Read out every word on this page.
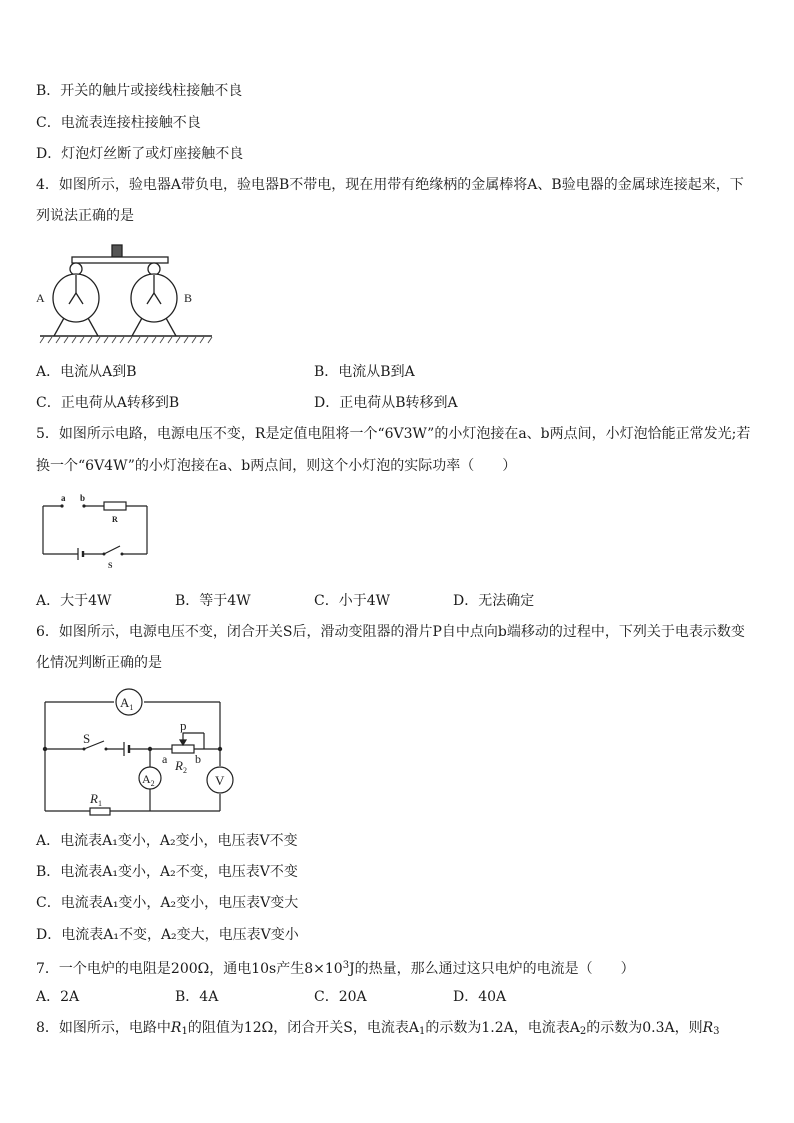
B．开关的触片或接线柱接触不良
C．电流表连接柱接触不良
D．灯泡灯丝断了或灯座接触不良
4．如图所示，验电器A带负电，验电器B不带电，现在用带有绝缘柄的金属棒将A、B验电器的金属球连接起来，下
列说法正确的是
A	B
A．电流从A到B	B．电流从B到A
C．正电荷从A转移到B	D．正电荷从B转移到A
5．如图所示电路，电源电压不变，R是定值电阻将一个“6V3W”的小灯泡接在a、b两点间，小灯泡恰能正常发光;若
换一个“6V4W”的小灯泡接在a、b两点间，则这个小灯泡的实际功率（　　）
a b
R
S
A．大于4W	B．等于4W	C．小于4W	D．无法确定
6．如图所示，电源电压不变，闭合开关S后，滑动变阻器的滑片P自中点向b端移动的过程中，下列关于电表示数变
化情况判断正确的是
$A_1$
$A_2$	V
S
p
a b
$R_2$
$R_1$
A．电流表A₁变小，A₂变小，电压表V不变
B．电流表A₁变小，A₂不变，电压表V不变
C．电流表A₁变小，A₂变小，电压表V变大
D．电流表A₁不变，A₂变大，电压表V变小
7．一个电炉的电阻是200Ω，通电10s产生$8\times 10^3J$的热量，那么通过这只电炉的电流是（　　）
A．2A	B．4A	C．20A	D．40A
8．如图所示，电路中$R_1$的阻值为12Ω，闭合开关S，电流表$A_1$的示数为1.2A，电流表$A_2$的示数为0.3A，则$R_3$
